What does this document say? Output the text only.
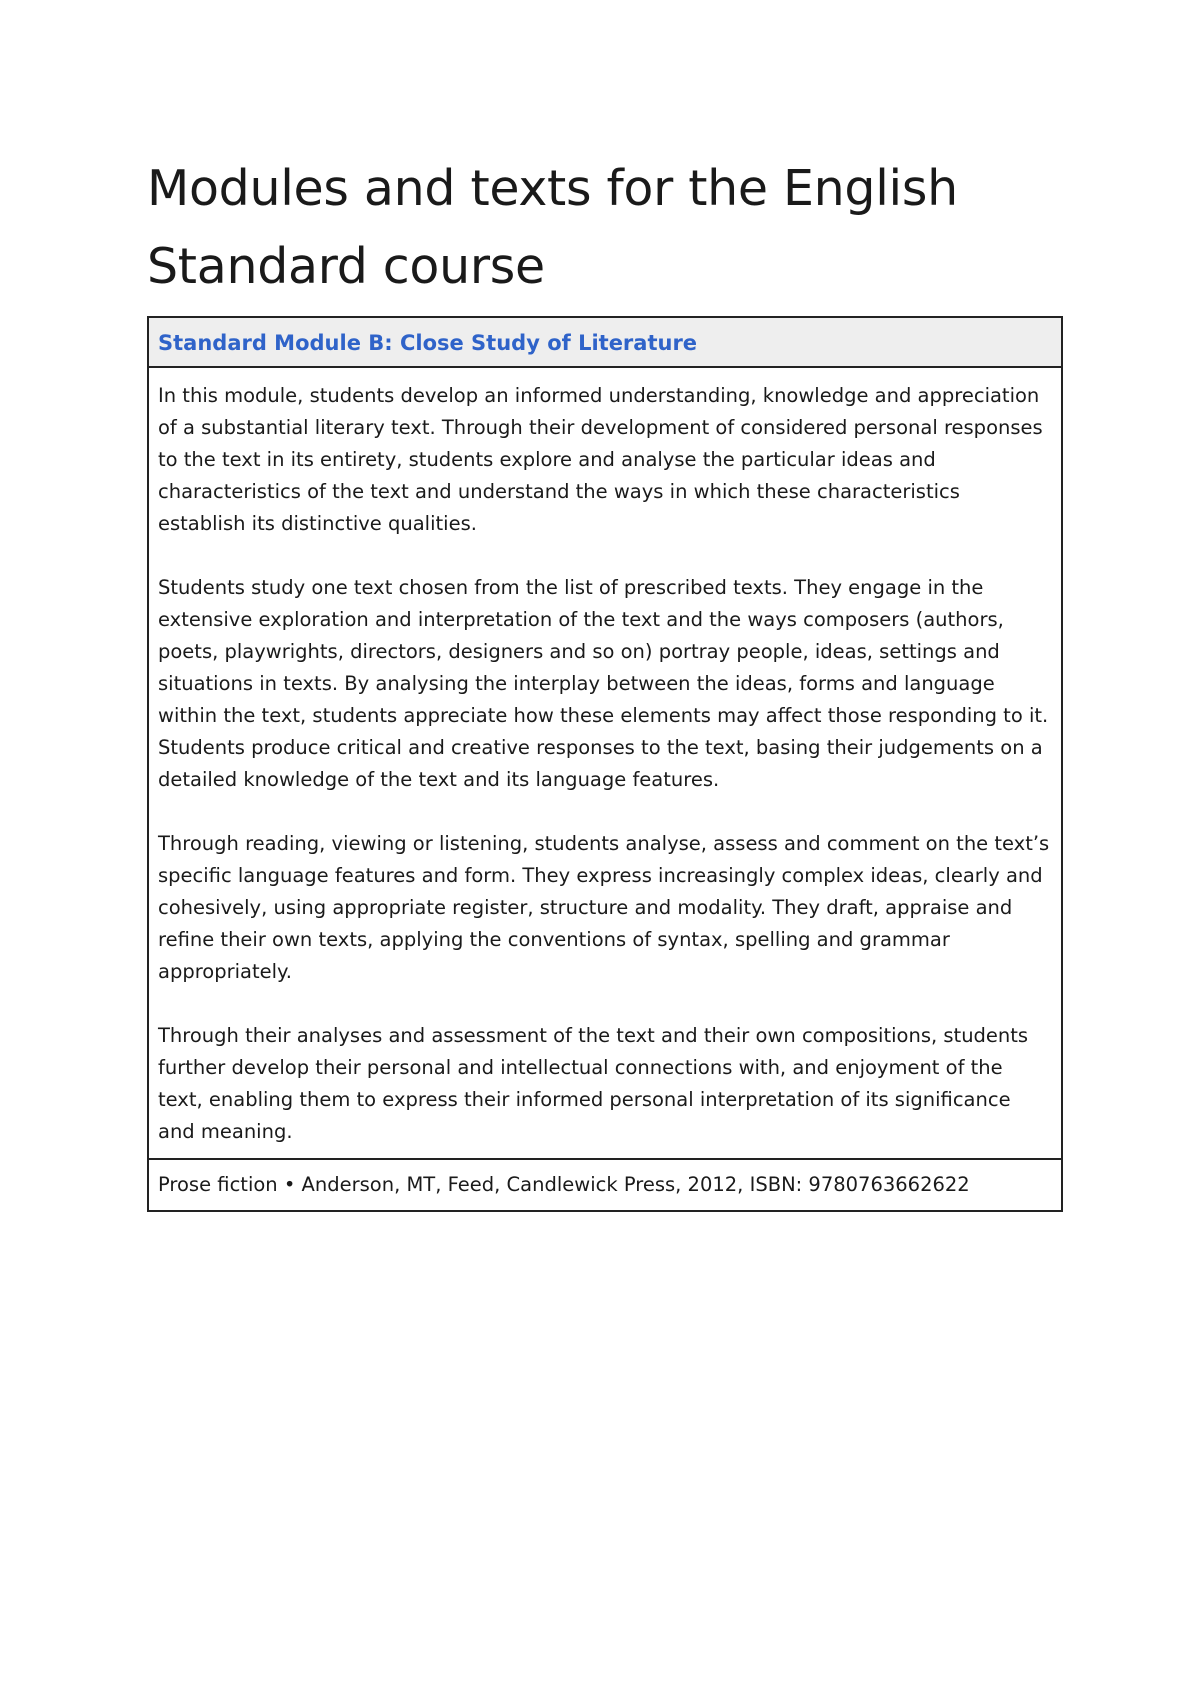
Modules and texts for the English Standard course
Standard Module B: Close Study of Literature

In this module, students develop an informed understanding, knowledge and appreciation of a substantial literary text. Through their development of considered personal responses to the text in its entirety, students explore and analyse the particular ideas and characteristics of the text and understand the ways in which these characteristics establish its distinctive qualities.

Students study one text chosen from the list of prescribed texts. They engage in the extensive exploration and interpretation of the text and the ways composers (authors, poets, playwrights, directors, designers and so on) portray people, ideas, settings and situations in texts. By analysing the interplay between the ideas, forms and language within the text, students appreciate how these elements may affect those responding to it. Students produce critical and creative responses to the text, basing their judgements on a detailed knowledge of the text and its language features.

Through reading, viewing or listening, students analyse, assess and comment on the text’s specific language features and form. They express increasingly complex ideas, clearly and cohesively, using appropriate register, structure and modality. They draft, appraise and refine their own texts, applying the conventions of syntax, spelling and grammar appropriately.

Through their analyses and assessment of the text and their own compositions, students further develop their personal and intellectual connections with, and enjoyment of the text, enabling them to express their informed personal interpretation of its significance and meaning.

Prose fiction • Anderson, MT, Feed, Candlewick Press, 2012, ISBN: 9780763662622
